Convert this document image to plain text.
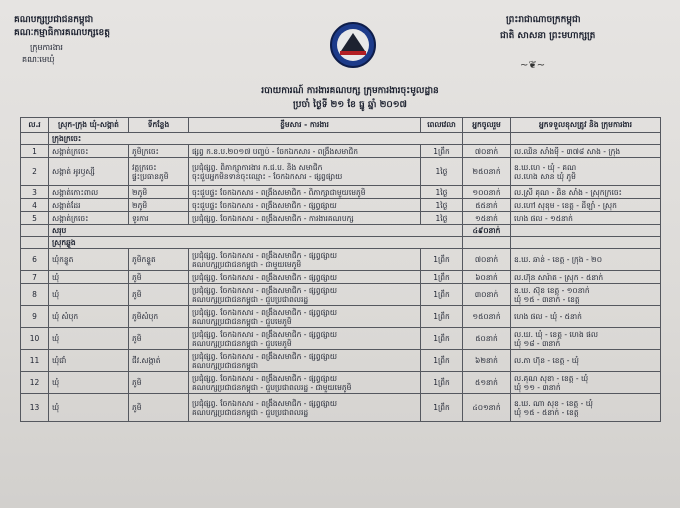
គណបក្សប្រជាជនកម្ពុជា
គណៈកម្មាធិការគណបក្សខេត្ត
ក្រុមការងារ
គណៈមេឃុំ
ព្រះរាជាណាចក្រកម្ពុជា
ជាតិ សាសនា ព្រះមហាក្សត្រ
~❦~
របាយការណ៍ ការងារគណបក្ស ក្រុមការងារចុះមូលដ្ឋាន
ប្រចាំ ថ្ងៃទី ២១ ខែ ធ្នូ ឆ្នាំ ២០១៧
ល.រ	ស្រុក-ក្រុង ឃុំ-សង្កាត់	ទីកន្លែង	ខ្លឹមសារ - ការងារ	ពេលវេលា	អ្នកចូលរួម	អ្នកទទួលខុសត្រូវ និង ក្រុមការងារ

	ក្រុងក្រចេះ					

1	សង្កាត់ក្រចេះ	ភូមិក្រចេះ	ផ្សព្វ ក.ខ.ប.២០១៧ បញ្ចប់ - ចែកឯកសារ - ពង្រឹងសមាជិក	1ព្រឹក	៧០នាក់	ល.ឈិន សាំងម៉ី - ៣៧៨ សាង - ក្រុង

2	សង្កាត់ អូរឫស្សី	វត្តក្រចេះ
ផ្ទះប្រធានភូមិ	ប្រជុំផ្សព្វ. ពិភាក្សាការងារ ក.ជ.ប. និង សមាជិក
ចុះជួបអ្នកមិនទាន់ចុះឈ្មោះ - ចែកឯកសារ - ផ្សព្វផ្សាយ	1ថ្ងៃ	២៥០នាក់	ឧ.ឃ.ហេ - ឃុំ - គណ
ល.ហេង សាន ឃុំ ភូមិ

3	សង្កាត់កោះពាល	២ភូមិ	ចុះជួបផ្ទះ ចែកឯកសារ - ពង្រឹងសមាជិក - ពិភាក្សាជាមួយមេភូមិ	1ថ្ងៃ	១០០នាក់	ល.ស្រី គុណ - ឆិន សាំង - ស្រុកក្រចេះ

4	សង្កាត់ដែរ	២ភូមិ	ចុះជួបផ្ទះ ចែកឯកសារ - ពង្រឹងសមាជិក - ផ្សព្វផ្សាយ	1ថ្ងៃ	៥៥នាក់	ល.ហៅ សុខុម - ខេត្ត - ដីឡាំ - ស្រុក

5	សង្កាត់ក្រចេះ	ទូរការ	ប្រជុំផ្សព្វ. ចែកឯកសារ - ពង្រឹងសមាជិក - ការងារគណបក្ស	1ថ្ងៃ	១៥នាក់	ហេង ផល - ១៥នាក់

	សរុប				៤៩០នាក់	

	ស្រុកឆ្លូង					

6	ឃុំកន្ទួត	ភូមិកន្ទួត	ប្រជុំផ្សព្វ. ចែកឯកសារ - ពង្រឹងសមាជិក - ផ្សព្វផ្សាយ
គណបក្សប្រជាជនកម្ពុជា - ជាមួយមេភូមិ	1ព្រឹក	៧០នាក់	ឧ.ឃ. ឆាន់ - ខេត្ត - ក្រុង - ២០

7	ឃុំ	ភូមិ	ប្រជុំផ្សព្វ. ចែកឯកសារ - ពង្រឹងសមាជិក - ផ្សព្វផ្សាយ	1ព្រឹក	៦០នាក់	ល.ហ៊ុន សារ៉ាត - ស្រុក - ៥នាក់

8	ឃុំ	ភូមិ	ប្រជុំផ្សព្វ. ចែកឯកសារ - ពង្រឹងសមាជិក - ផ្សព្វផ្សាយ
គណបក្សប្រជាជនកម្ពុជា - ជួបប្រជាពលរដ្ឋ	1ព្រឹក	៣០នាក់	ឧ.ឃ. ស៊ុខ ខេត្ត - ១០នាក់
ឃុំ ១៥ - ៣នាក់ - ខេត្ត

9	ឃុំ សំបុក	ភូមិសំបុក	ប្រជុំផ្សព្វ. ចែកឯកសារ - ពង្រឹងសមាជិក - ផ្សព្វផ្សាយ
គណបក្សប្រជាជនកម្ពុជា - ជួបមេភូមិ	1ព្រឹក	១៥០នាក់	ហេង ផល - ឃុំ - ៥នាក់

10	ឃុំ	ភូមិ	ប្រជុំផ្សព្វ. ចែកឯកសារ - ពង្រឹងសមាជិក - ផ្សព្វផ្សាយ
គណបក្សប្រជាជនកម្ពុជា - ជួបមេភូមិ	1ព្រឹក	៥០នាក់	ល.ឃ. ឃុំ - ខេត្ត - ហេង ផល
ឃុំ ១៨ - ៣នាក់

11	ឃុំជាំ	ជីវ.សង្កាត់	ប្រជុំផ្សព្វ. ចែកឯកសារ - ពង្រឹងសមាជិក - ផ្សព្វផ្សាយ
គណបក្សប្រជាជនកម្ពុជា	1ព្រឹក	៦២នាក់	ល.ភា ហ៊ុន - ខេត្ត - ឃុំ

12	ឃុំ	ភូមិ	ប្រជុំផ្សព្វ. ចែកឯកសារ - ពង្រឹងសមាជិក - ផ្សព្វផ្សាយ
គណបក្សប្រជាជនកម្ពុជា - ជួបប្រជាពលរដ្ឋ - ជាមួយមេភូមិ	1ព្រឹក	៥១នាក់	ល.គុណ សុខា - ខេត្ត - ឃុំ
ឃុំ ១១ - ៣នាក់

13	ឃុំ	ភូមិ	ប្រជុំផ្សព្វ. ចែកឯកសារ - ពង្រឹងសមាជិក - ផ្សព្វផ្សាយ
គណបក្សប្រជាជនកម្ពុជា - ជួបប្រជាពលរដ្ឋ	1ព្រឹក	៤០១នាក់	ឧ.ឃ. ណា សុខ - ខេត្ត - ឃុំ
ឃុំ ១៥ - ៥នាក់ - ខេត្ត
